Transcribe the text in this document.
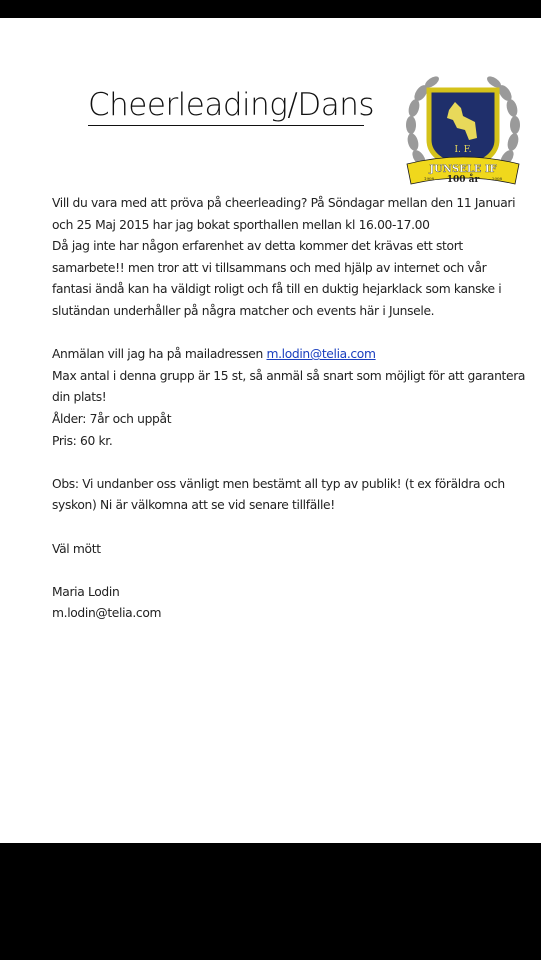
Cheerleading/Dans
I. F.
JUNSELE IF
100 år
1908	2008

Vill du vara med att pröva på cheerleading? På Söndagar mellan den 11 Januari och 25 Maj 2015 har jag bokat sporthallen mellan kl 16.00-17.00

Då jag inte har någon erfarenhet av detta kommer det krävas ett stort samarbete!! men tror att vi tillsammans och med hjälp av internet och vår fantasi ändå kan ha väldigt roligt och få till en duktig hejarklack som kanske i slutändan underhåller på några matcher och events här i Junsele.

Anmälan vill jag ha på mailadressen m.lodin@telia.com

Max antal i denna grupp är 15 st, så anmäl så snart som möjligt för att garantera din plats!

Ålder: 7år och uppåt

Pris: 60 kr.

Obs: Vi undanber oss vänligt men bestämt all typ av publik! (t ex föräldra och syskon) Ni är välkomna att se vid senare tillfälle!

Väl mött

Maria Lodin

m.lodin@telia.com
